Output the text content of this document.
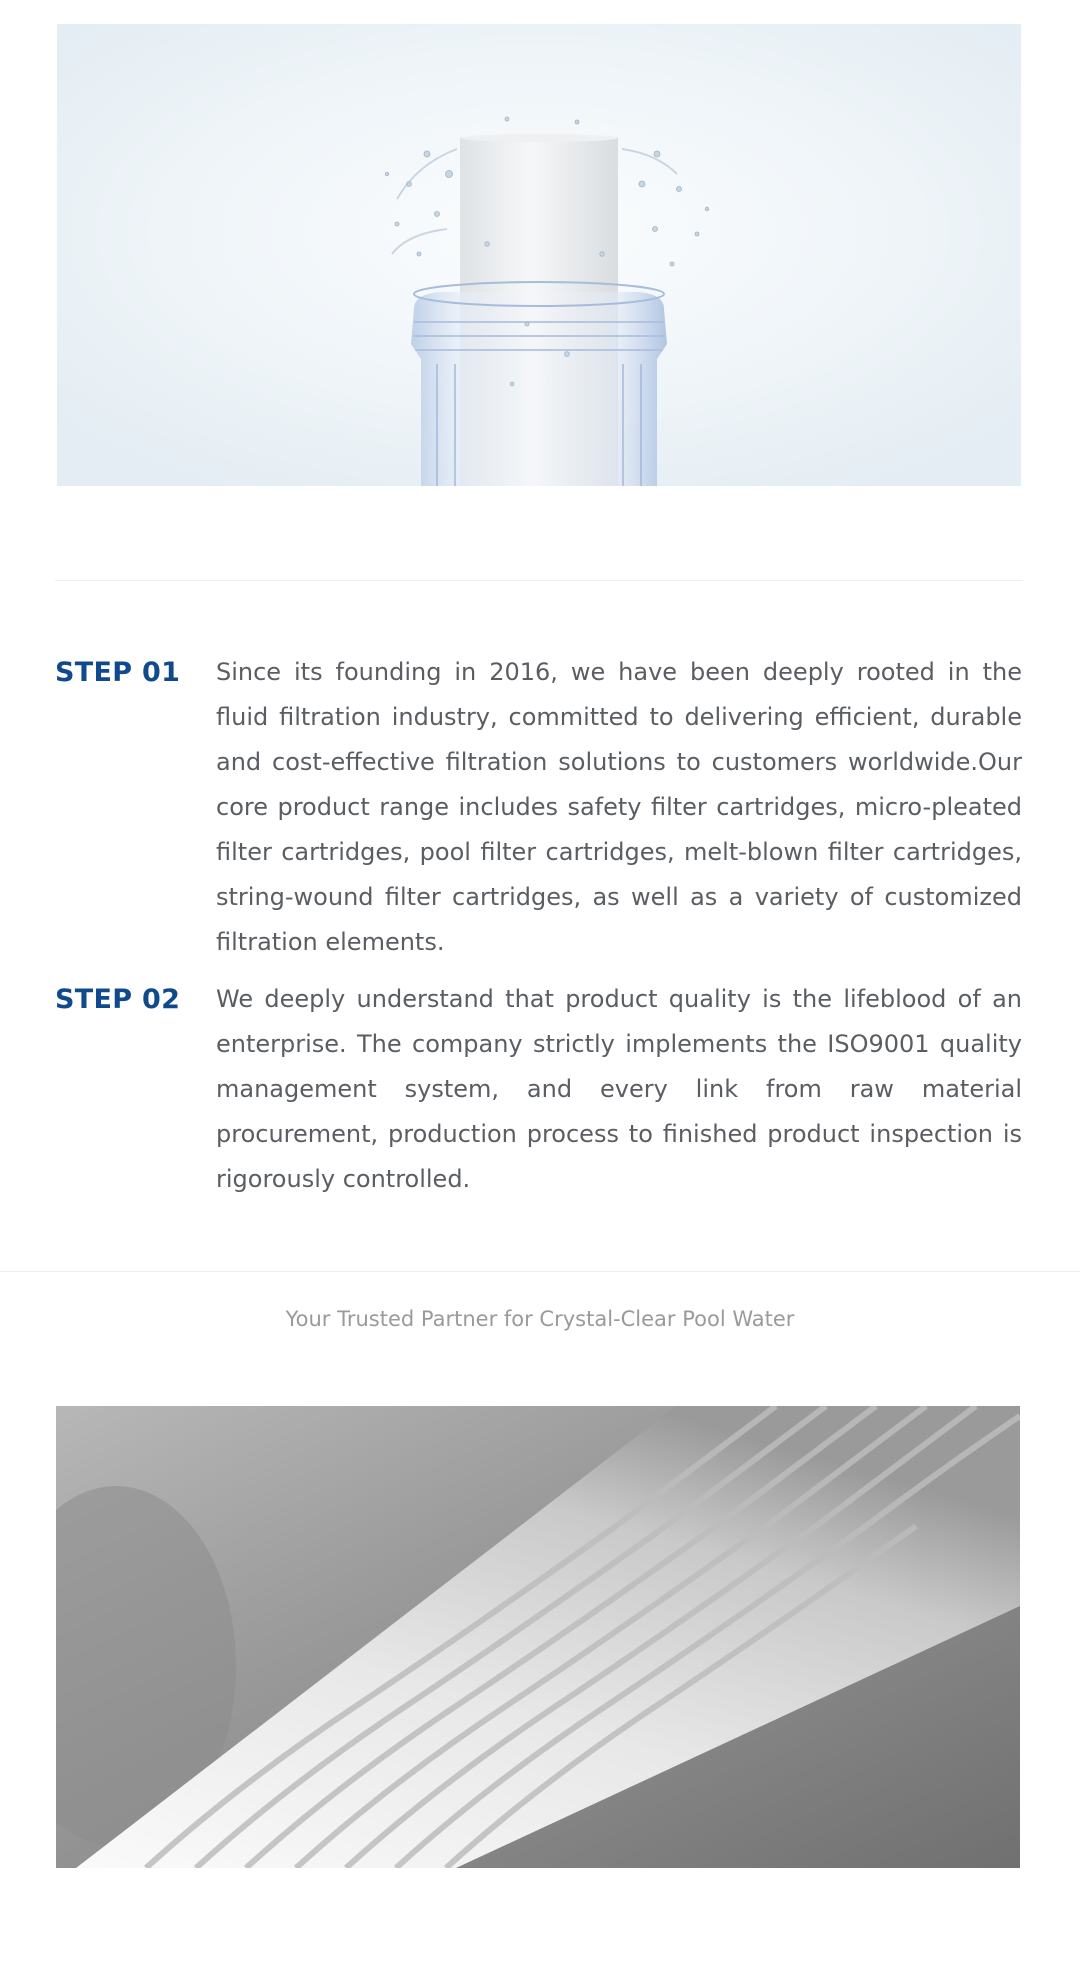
STEP 01	Since its founding in 2016, we have been deeply rooted in the fluid filtration industry, committed to delivering efficient, durable and cost-effective filtration solutions to customers worldwide.Our core product range includes safety filter cartridges, micro-pleated filter cartridges, pool filter cartridges, melt-blown filter cartridges, string-wound filter cartridges, as well as a variety of customized filtration elements.

STEP 02	We deeply understand that product quality is the lifeblood of an enterprise. The company strictly implements the ISO9001 quality management system, and every link from raw material procurement, production process to finished product inspection is rigorously controlled.

Your Trusted Partner for Crystal-Clear Pool Water
